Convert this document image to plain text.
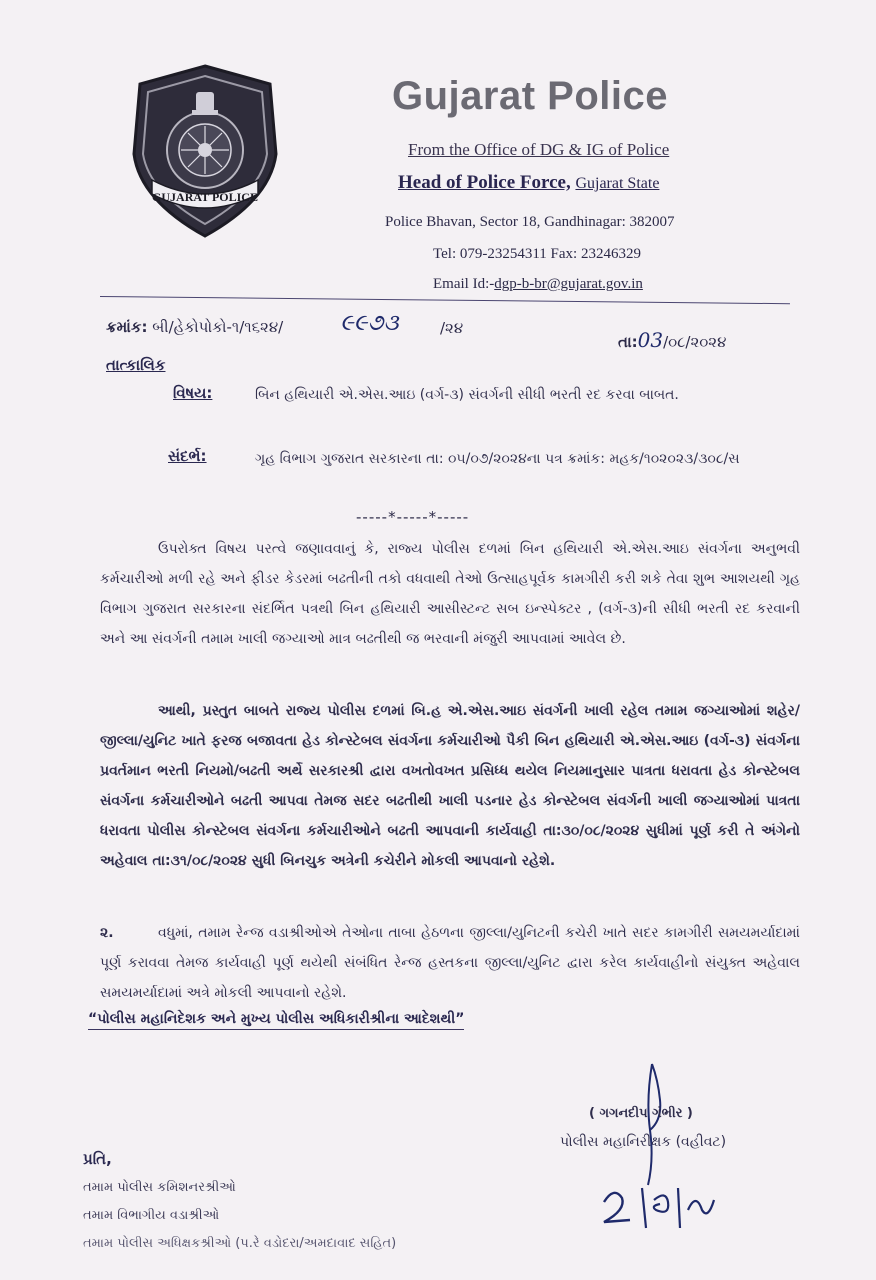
GUJARAT POLICE
Gujarat Police
From the Office of DG & IG of Police
Head of Police Force, Gujarat State
Police Bhavan, Sector 18, Gandhinagar: 382007
Tel: 079-23254311 Fax: 23246329
Email Id:-dgp-b-br@gujarat.gov.in
ક્રમાંક: બી/હેકોપોકો-૧/૧૬૨૪/ ૯૯૭૩	/૨૪
તા:03/૦૮/૨૦૨૪
તાત્કાલિક
વિષય:	બિન હથિયારી એ.એસ.આઇ (વર્ગ-૩) સંવર્ગની સીધી ભરતી રદ કરવા બાબત.
સંદર્ભ:	ગૃહ વિભાગ ગુજરાત સરકારના તા: ૦૫/૦૭/૨૦૨૪ના પત્ર ક્રમાંક: મહક/૧૦૨૦૨૩/૩૦૮/સ
-----*-----*-----
ઉપરોક્ત વિષય પરત્વે જણાવવાનું કે, રાજ્ય પોલીસ દળમાં બિન હથિયારી એ.એસ.આઇ સંવર્ગના અનુભવી કર્મચારીઓ મળી રહે અને ફીડર કેડરમાં બઢતીની તકો વધવાથી તેઓ ઉત્સાહપૂર્વક કામગીરી કરી શકે તેવા શુભ આશયથી ગૃહ વિભાગ ગુજરાત સરકારના સંદર્ભિત પત્રથી બિન હથિયારી આસીસ્ટન્ટ સબ ઇન્સ્પેક્ટર , (વર્ગ-૩)ની સીધી ભરતી રદ કરવાની અને આ સંવર્ગની તમામ ખાલી જગ્યાઓ માત્ર બઢતીથી જ ભરવાની મંજુરી આપવામાં આવેલ છે.
આથી, પ્રસ્તુત બાબતે રાજ્ય પોલીસ દળમાં બિ.હ એ.એસ.આઇ સંવર્ગની ખાલી રહેલ તમામ જગ્યાઓમાં શહેર/જીલ્લા/યુનિટ ખાતે ફરજ બજાવતા હેડ કોન્સ્ટેબલ સંવર્ગના કર્મચારીઓ પૈકી બિન હથિયારી એ.એસ.આઇ (વર્ગ-૩) સંવર્ગના પ્રવર્તમાન ભરતી નિયમો/બઢતી અર્થે સરકારશ્રી દ્વારા વખતોવખત પ્રસિધ્ધ થયેલ નિયમાનુસાર પાત્રતા ધરાવતા હેડ કોન્સ્ટેબલ સંવર્ગના કર્મચારીઓને બઢતી આપવા તેમજ સદર બઢતીથી ખાલી પડનાર હેડ કોન્સ્ટેબલ સંવર્ગની ખાલી જગ્યાઓમાં પાત્રતા ધરાવતા પોલીસ કોન્સ્ટેબલ સંવર્ગના કર્મચારીઓને બઢતી આપવાની કાર્યવાહી તા:૩૦/૦૮/૨૦૨૪ સુધીમાં પૂર્ણ કરી તે અંગેનો અહેવાલ તા:૩૧/૦૮/૨૦૨૪ સુધી બિનચુક અત્રેની કચેરીને મોકલી આપવાનો રહેશે.
૨.	વધુમાં, તમામ રેન્જ વડાશ્રીઓએ તેઓના તાબા હેઠળના જીલ્લા/યુનિટની કચેરી ખાતે સદર કામગીરી સમયમર્યાદામાં પૂર્ણ કરાવવા તેમજ કાર્યવાહી પૂર્ણ થયેથી સંબંધિત રેન્જ હસ્તકના જીલ્લા/યુનિટ દ્વારા કરેલ કાર્યવાહીનો સંયુક્ત અહેવાલ સમયમર્યાદામાં અત્રે મોકલી આપવાનો રહેશે.
“પોલીસ મહાનિદેશક અને મુખ્ય પોલીસ અધિકારીશ્રીના આદેશથી”
( ગગનદીપ ગંભીર )
પોલીસ મહાનિરીક્ષક (વહીવટ)
પ્રતિ,
તમામ પોલીસ કમિશનરશ્રીઓ
તમામ વિભાગીય વડાશ્રીઓ
તમામ પોલીસ અધિક્ષકશ્રીઓ (પ.રે વડોદરા/અમદાવાદ સહિત)
